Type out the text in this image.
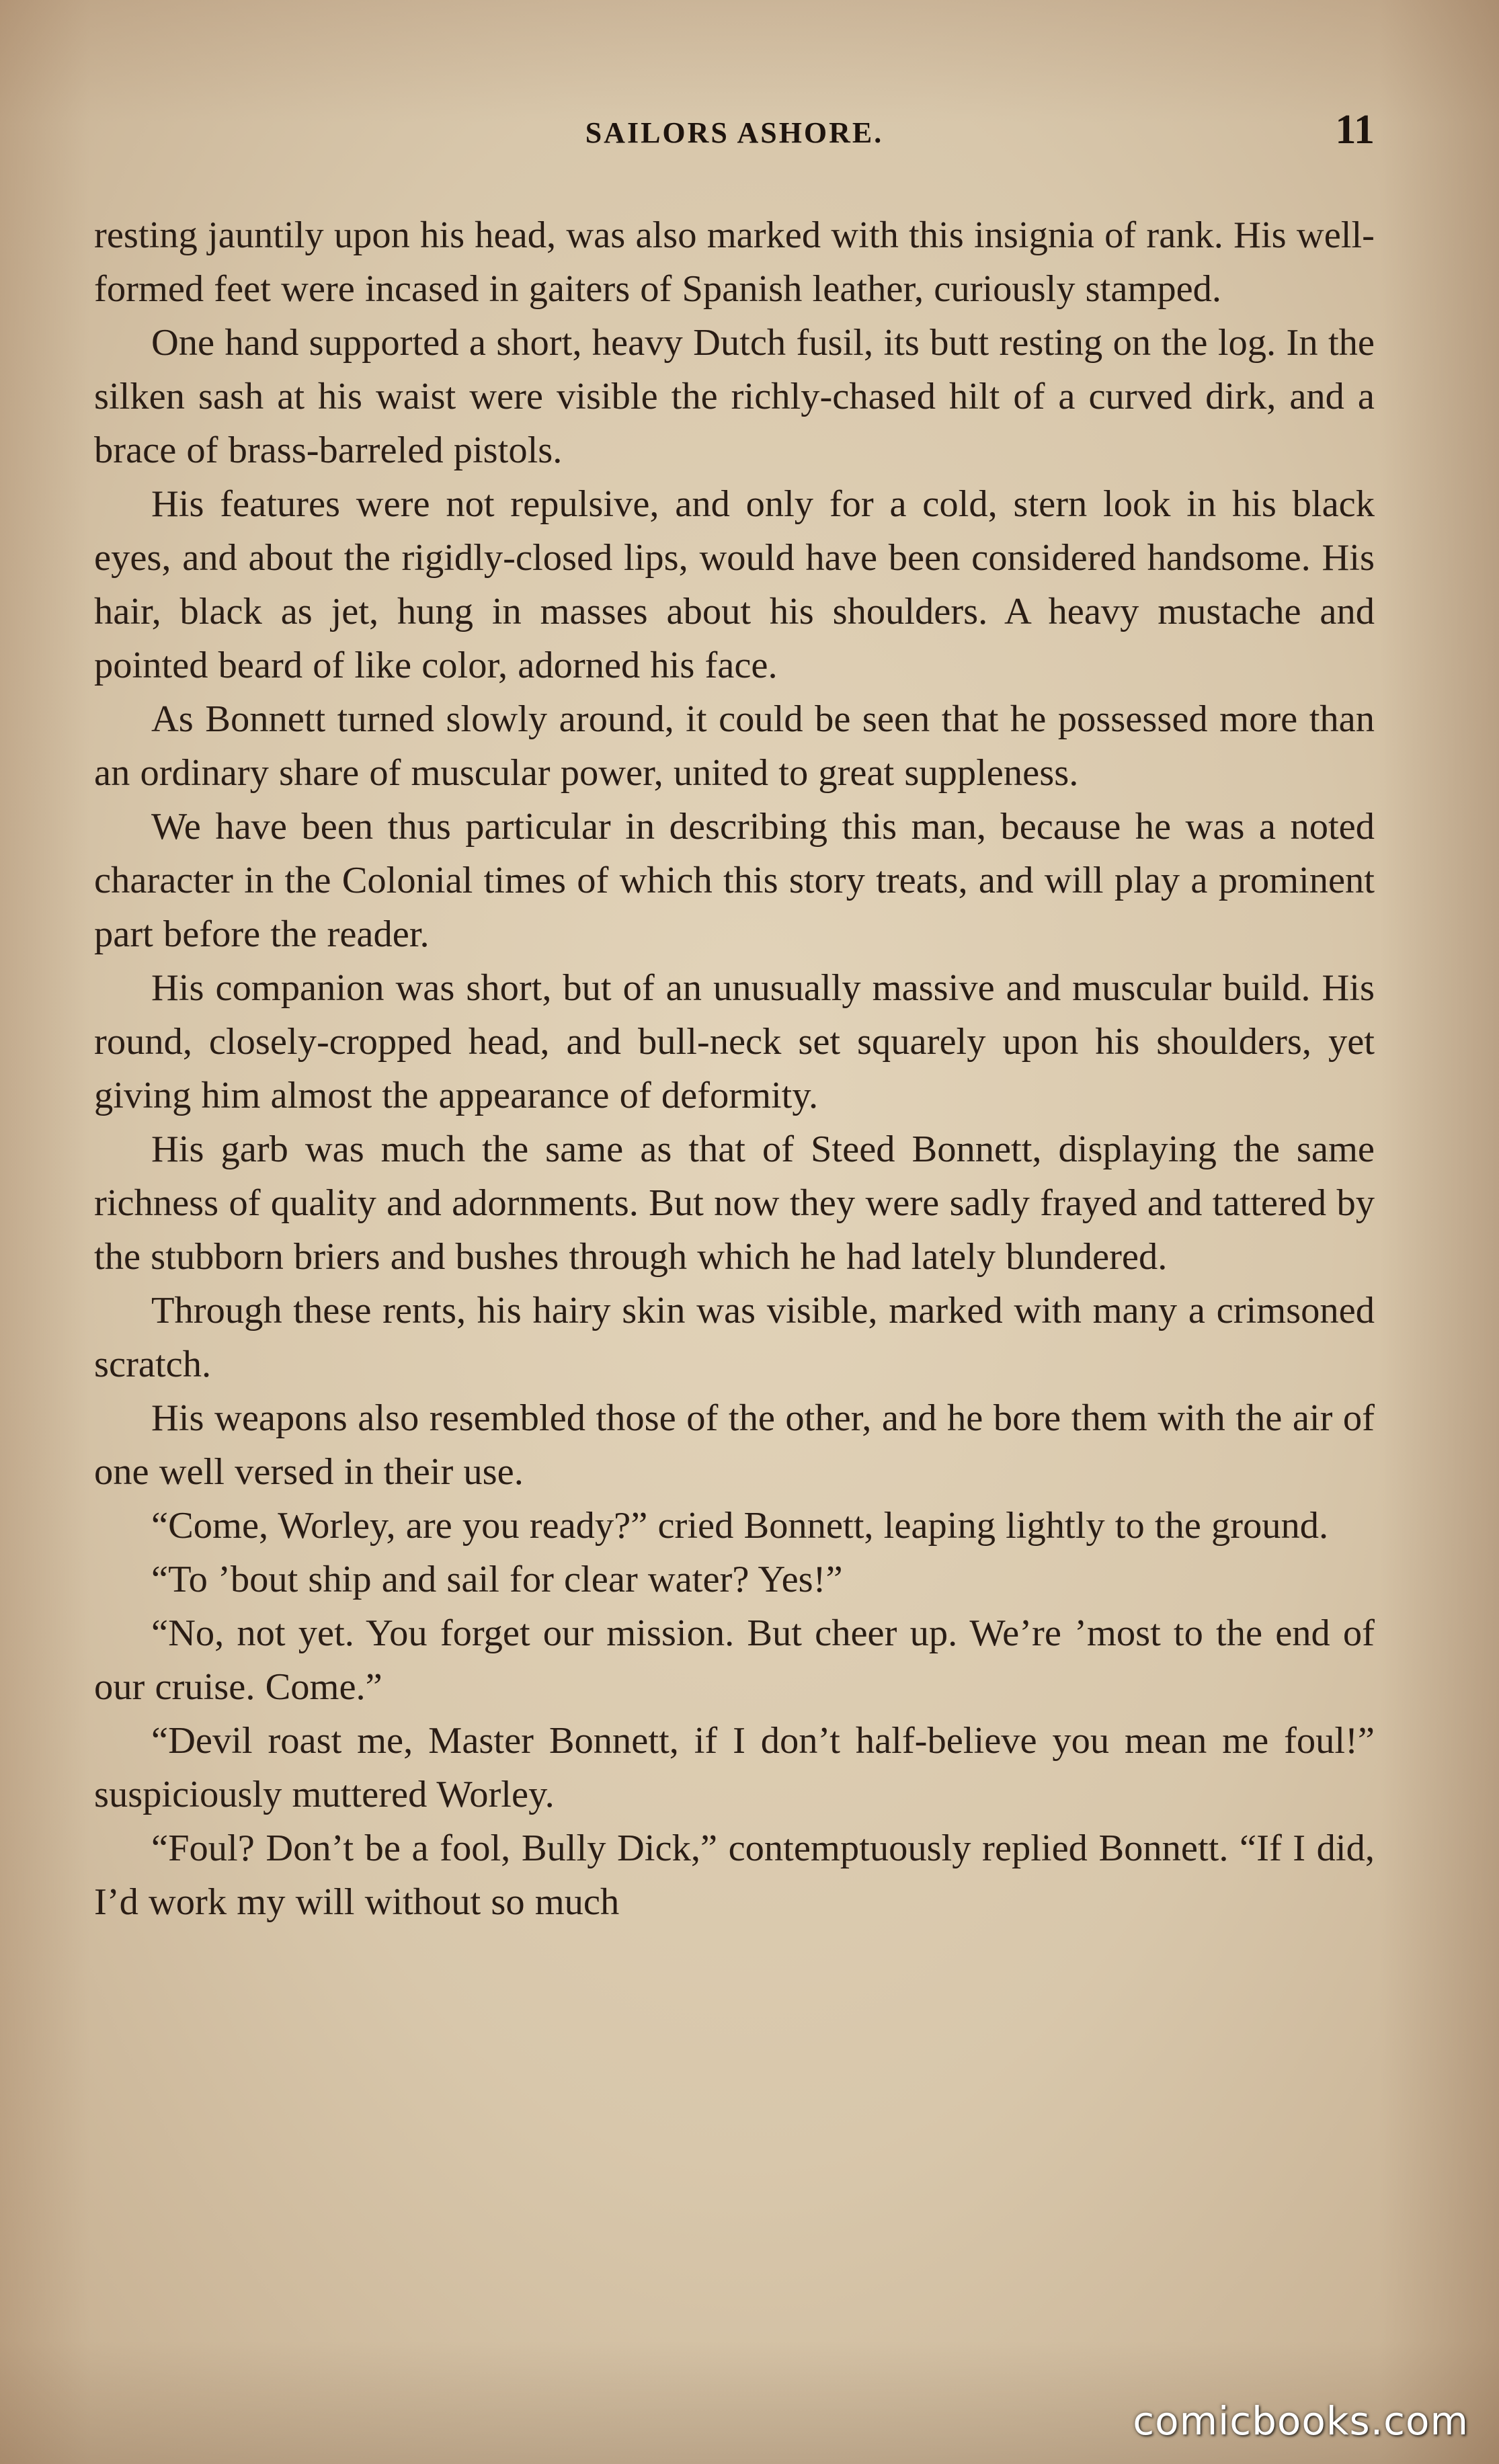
SAILORS ASHORE.	11

resting jauntily upon his head, was also marked with this insignia of rank. His well-formed feet were incased in gaiters of Spanish leather, curiously stamped.

One hand supported a short, heavy Dutch fusil, its butt resting on the log. In the silken sash at his waist were visible the richly-chased hilt of a curved dirk, and a brace of brass-barreled pistols.

His features were not repulsive, and only for a cold, stern look in his black eyes, and about the rigidly-closed lips, would have been considered handsome. His hair, black as jet, hung in masses about his shoulders. A heavy mustache and pointed beard of like color, adorned his face.

As Bonnett turned slowly around, it could be seen that he possessed more than an ordinary share of muscular power, united to great suppleness.

We have been thus particular in describing this man, because he was a noted character in the Colonial times of which this story treats, and will play a prominent part before the reader.

His companion was short, but of an unusually massive and muscular build. His round, closely-cropped head, and bull-neck set squarely upon his shoulders, yet giving him almost the appearance of deformity.

His garb was much the same as that of Steed Bonnett, displaying the same richness of quality and adornments. But now they were sadly frayed and tattered by the stubborn briers and bushes through which he had lately blundered.

Through these rents, his hairy skin was visible, marked with many a crimsoned scratch.

His weapons also resembled those of the other, and he bore them with the air of one well versed in their use.

“Come, Worley, are you ready?” cried Bonnett, leaping lightly to the ground.

“To ’bout ship and sail for clear water? Yes!”

“No, not yet. You forget our mission. But cheer up. We’re ’most to the end of our cruise. Come.”

“Devil roast me, Master Bonnett, if I don’t half-believe you mean me foul!” suspiciously muttered Worley.

“Foul? Don’t be a fool, Bully Dick,” contemptuously replied Bonnett. “If I did, I’d work my will without so much

comicbooks.com
